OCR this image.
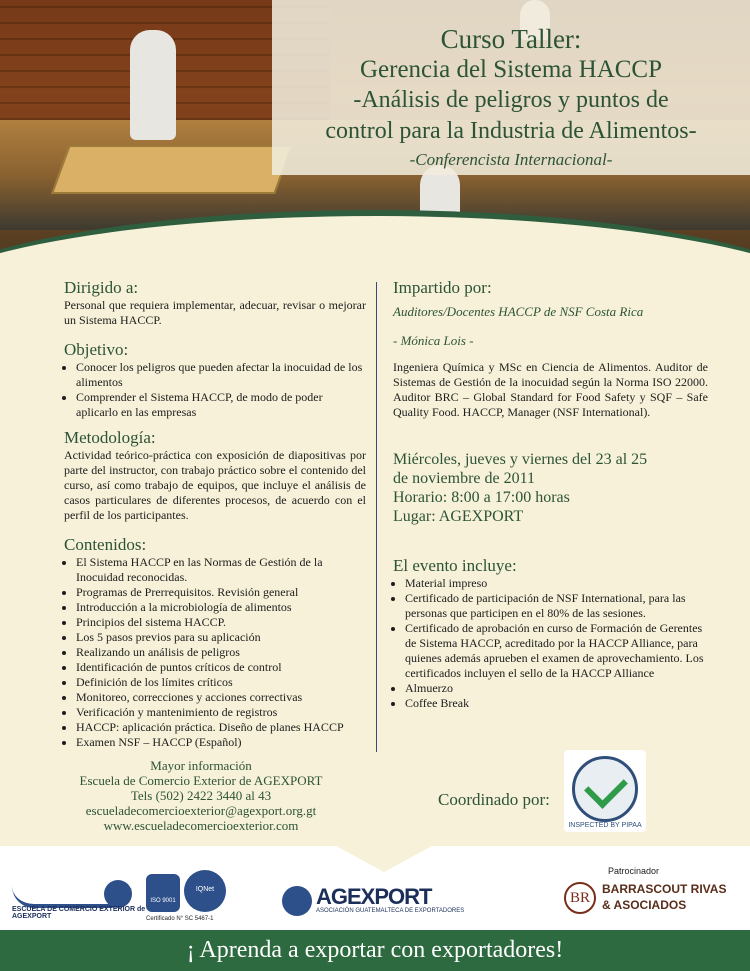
Curso Taller:
Gerencia del Sistema HACCP
-Análisis de peligros y puntos de
control para la Industria de Alimentos-
-Conferencista Internacional-
Dirigido a:

Personal que requiera implementar, adecuar, revisar o mejorar un Sistema HACCP.

Objetivo:
• Conocer los peligros que pueden afectar la inocuidad de los alimentos
• Comprender el Sistema HACCP, de modo de poder aplicarlo en las empresas
Metodología:

Actividad teórico-práctica con exposición de diapositivas por parte del instructor, con trabajo práctico sobre el contenido del curso, así como trabajo de equipos, que incluye el análisis de casos particulares de diferentes procesos, de acuerdo con el perfil de los participantes.

Contenidos:
• El Sistema HACCP en las Normas de Gestión de la Inocuidad reconocidas.
• Programas de Prerrequisitos. Revisión general
• Introducción a la microbiología de alimentos
• Principios del sistema HACCP.
• Los 5 pasos previos para su aplicación
• Realizando un análisis de peligros
• Identificación de puntos críticos de control
• Definición de los límites críticos
• Monitoreo, correcciones y acciones correctivas
• Verificación y mantenimiento de registros
• HACCP: aplicación práctica. Diseño de planes HACCP
• Examen NSF – HACCP (Español)
Impartido por:
Auditores/Docentes HACCP de NSF Costa Rica
- Mónica Lois -

Ingeniera Química y MSc en Ciencia de Alimentos. Auditor de Sistemas de Gestión de la inocuidad según la Norma ISO 22000. Auditor BRC – Global Standard for Food Safety y SQF – Safe Quality Food. HACCP, Manager (NSF International).

Miércoles, jueves y viernes del 23 al 25
de noviembre de 2011
Horario: 8:00 a 17:00 horas
Lugar: AGEXPORT
El evento incluye:
• Material impreso
• Certificado de participación de NSF International, para las personas que participen en el 80% de las sesiones.
• Certificado de aprobación en curso de Formación de Gerentes de Sistema HACCP, acreditado por la HACCP Alliance, para quienes además aprueben el examen de aprovechamiento. Los certificados incluyen el sello de la HACCP Alliance
• Almuerzo
• Coffee Break
Mayor información
Escuela de Comercio Exterior de AGEXPORT
Tels (502) 2422 3440 al 43
escueladecomercioexterior@agexport.org.gt
www.escueladecomercioexterior.com
Coordinado por:
INSPECTED BY PIPAA
ESCUELA DE COMERCIO EXTERIOR de AGEXPORT
ISO 9001
IQNet
Certificado N° SC 5467-1
AGEXPORT
ASOCIACIÓN GUATEMALTECA DE EXPORTADORES
Patrocinador
BR
BARRASCOUT RIVAS
& ASOCIADOS
¡ Aprenda a exportar con exportadores!
